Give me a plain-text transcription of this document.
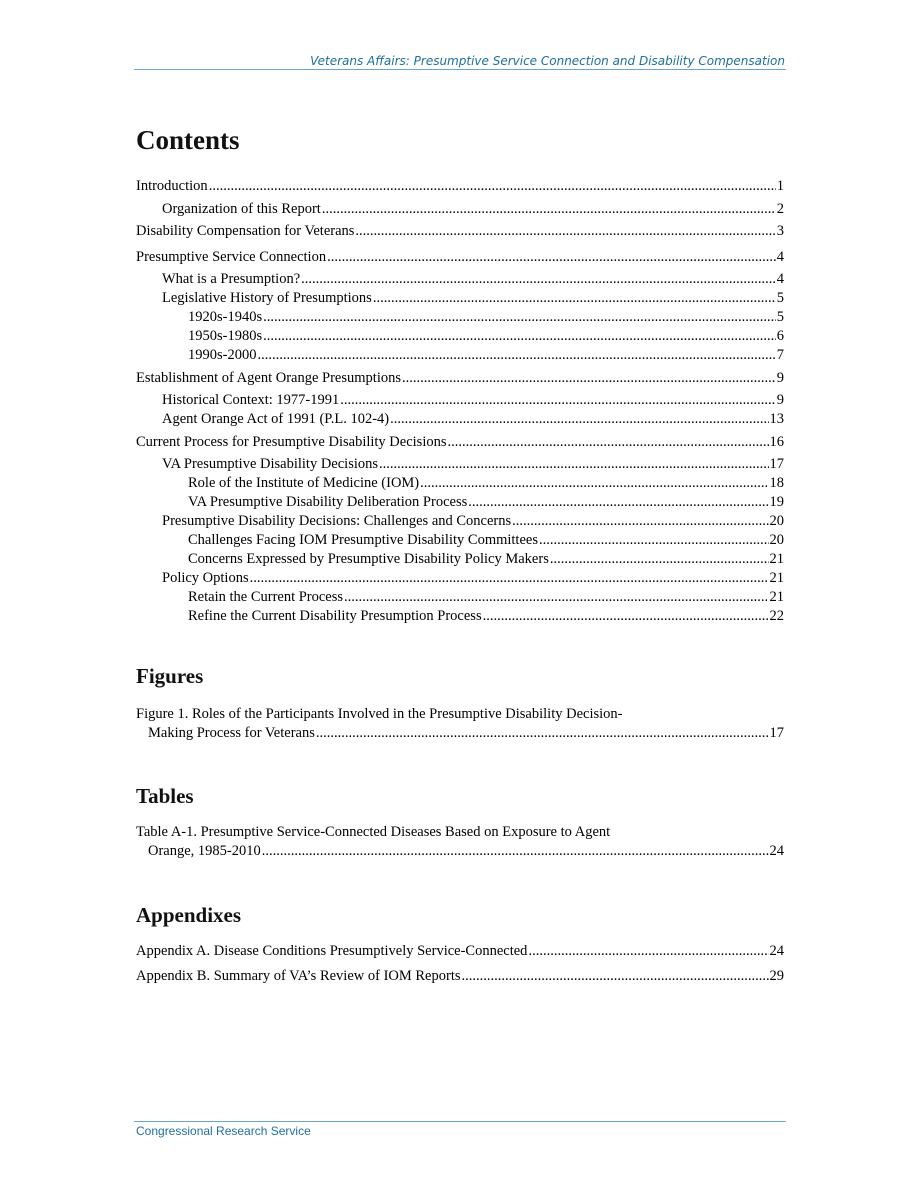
Veterans Affairs: Presumptive Service Connection and Disability Compensation
Contents
Introduction .....	1
Organization of this Report .....	2
Disability Compensation for Veterans .....	3
Presumptive Service Connection .....	4
What is a Presumption? .....	4
Legislative History of Presumptions .....	5
1920s-1940s .....	5
1950s-1980s .....	6
1990s-2000 .....	7
Establishment of Agent Orange Presumptions .....	9
Historical Context: 1977-1991 .....	9
Agent Orange Act of 1991 (P.L. 102-4) .....	13
Current Process for Presumptive Disability Decisions .....	16
VA Presumptive Disability Decisions .....	17
Role of the Institute of Medicine (IOM) .....	18
VA Presumptive Disability Deliberation Process .....	19
Presumptive Disability Decisions: Challenges and Concerns .....	20
Challenges Facing IOM Presumptive Disability Committees .....	20
Concerns Expressed by Presumptive Disability Policy Makers .....	21
Policy Options .....	21
Retain the Current Process .....	21
Refine the Current Disability Presumption Process .....	22
Figures
Figure 1. Roles of the Participants Involved in the Presumptive Disability Decision-
Making Process for Veterans .....	17
Tables
Table A-1. Presumptive Service-Connected Diseases Based on Exposure to Agent
Orange, 1985-2010 .....	24
Appendixes
Appendix A. Disease Conditions Presumptively Service-Connected .....	24
Appendix B. Summary of VA’s Review of IOM Reports .....	29
Congressional Research Service
